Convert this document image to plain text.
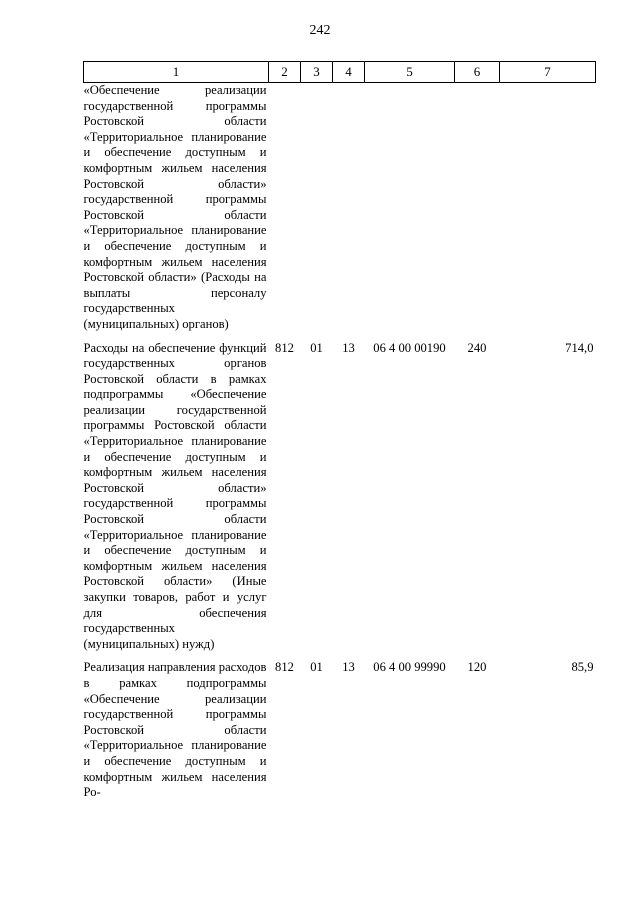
242
1	2	3	4	5	6	7

«Обеспечение реализации государственной программы Ростовской области «Территориальное планирование и обеспечение доступным и комфортным жильем населения Ростовской области» государственной программы Ростовской области «Территориальное планирование и обеспечение доступным и комфортным жильем населения Ростовской области» (Расходы на выплаты персоналу государственных (муниципальных) органов)						

Расходы на обеспечение функций государственных органов Ростовской области в рамках подпрограммы «Обеспечение реализации государственной программы Ростовской области «Территориальное планирование и обеспечение доступным и комфортным жильем населения Ростовской области» государственной программы Ростовской области «Территориальное планирование и обеспечение доступным и комфортным жильем населения Ростовской области» (Иные закупки товаров, работ и услуг для обеспечения государственных (муниципальных) нужд)	812	01	13	06 4 00 00190	240	714,0

Реализация направления расходов в рамках подпрограммы «Обеспечение реализации государственной программы Ростовской области «Территориальное планирование и обеспечение доступным и комфортным жильем населения Ро-	812	01	13	06 4 00 99990	120	85,9
